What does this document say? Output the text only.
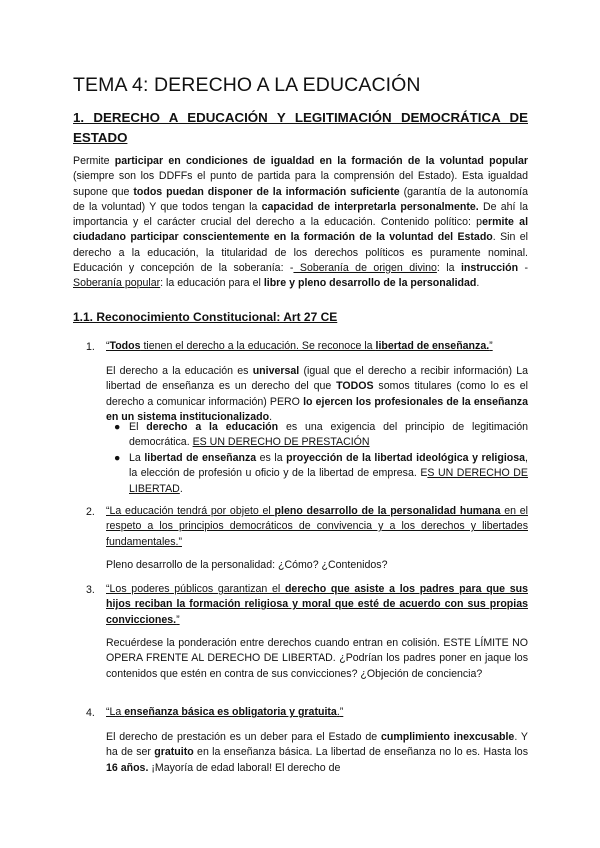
TEMA 4: DERECHO A LA EDUCACIÓN
1. DERECHO A EDUCACIÓN Y LEGITIMACIÓN DEMOCRÁTICA DE ESTADO

Permite participar en condiciones de igualdad en la formación de la voluntad popular (siempre son los DDFFs el punto de partida para la comprensión del Estado). Esta igualdad supone que todos puedan disponer de la información suficiente (garantía de la autonomía de la voluntad) Y que todos tengan la capacidad de interpretarla personalmente. De ahí la importancia y el carácter crucial del derecho a la educación. Contenido político: permite al ciudadano participar conscientemente en la formación de la voluntad del Estado. Sin el derecho a la educación, la titularidad de los derechos políticos es puramente nominal. Educación y concepción de la soberanía: - Soberanía de origen divino: la instrucción - Soberanía popular: la educación para el libre y pleno desarrollo de la personalidad.

1.1. Reconocimiento Constitucional: Art 27 CE
1. “Todos tienen el derecho a la educación. Se reconoce la libertad de enseñanza.”

El derecho a la educación es universal (igual que el derecho a recibir información) La libertad de enseñanza es un derecho del que TODOS somos titulares (como lo es el derecho a comunicar información) PERO lo ejercen los profesionales de la enseñanza en un sistema institucionalizado.

● El derecho a la educación es una exigencia del principio de legitimación democrática. ES UN DERECHO DE PRESTACIÓN

● La libertad de enseñanza es la proyección de la libertad ideológica y religiosa, la elección de profesión u oficio y de la libertad de empresa. ES UN DERECHO DE LIBERTAD.

2. “La educación tendrá por objeto el pleno desarrollo de la personalidad humana en el respeto a los principios democráticos de convivencia y a los derechos y libertades fundamentales.”

Pleno desarrollo de la personalidad: ¿Cómo? ¿Contenidos?

3. “Los poderes públicos garantizan el derecho que asiste a los padres para que sus hijos reciban la formación religiosa y moral que esté de acuerdo con sus propias convicciones.”

Recuérdese la ponderación entre derechos cuando entran en colisión. ESTE LÍMITE NO OPERA FRENTE AL DERECHO DE LIBERTAD. ¿Podrían los padres poner en jaque los contenidos que estén en contra de sus convicciones? ¿Objeción de conciencia?

4. “La enseñanza básica es obligatoria y gratuita.”

El derecho de prestación es un deber para el Estado de cumplimiento inexcusable. Y ha de ser gratuito en la enseñanza básica. La libertad de enseñanza no lo es. Hasta los 16 años. ¡Mayoría de edad laboral! El derecho de
